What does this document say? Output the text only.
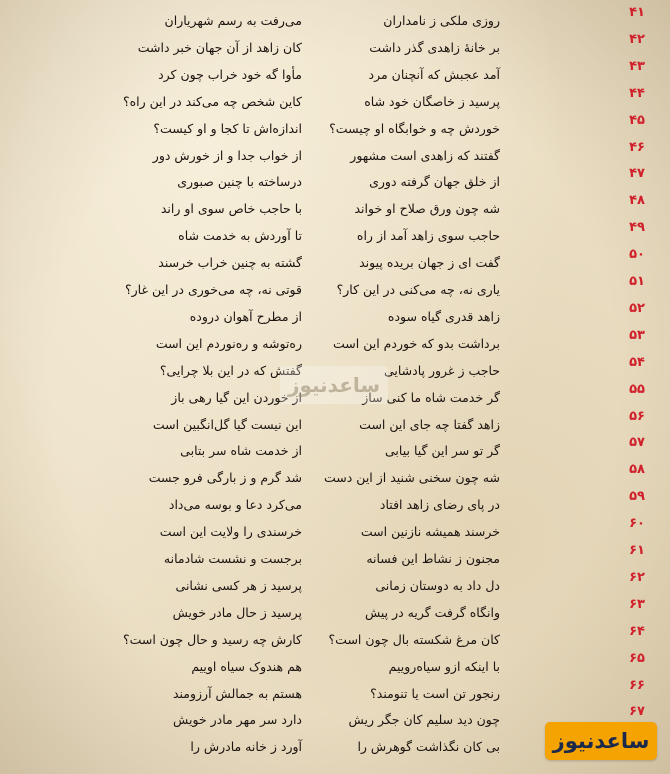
۴۱
روزی ملکی ز نامداران
می‌رفت به رسم شهریاران
۴۲
بر خانهٔ زاهدی گذر داشت
کان زاهد از آن جهان خبر داشت
۴۳
آمد عجبش که آنچنان مرد
مأوا گه خود خراب چون کرد
۴۴
پرسید ز خاصگان خود شاه
کاین شخص چه می‌کند در این راه؟
۴۵
خوردش چه و خوابگاه او چیست؟
اندازه‌اش تا کجا و او کیست؟
۴۶
گفتند که زاهدی است مشهور
از خواب جدا و از خورش دور
۴۷
از خلق جهان گرفته دوری
درساخته با چنین صبوری
۴۸
شه چون ورق صلاح او خواند
با حاجب خاص سوی او راند
۴۹
حاجب سوی زاهد آمد از راه
تا آوردش به خدمت شاه
۵۰
گفت ای ز جهان بریده پیوند
گشته به چنین خراب خرسند
۵۱
یاری نه، چه می‌کنی در این کار؟
قوتی نه، چه می‌خوری در این غار؟
۵۲
زاهد قدری گیاه سوده
از مطرح آهوان دروده
۵۳
برداشت بدو که خوردم این است
رە‌توشه و رەنوردم این است
۵۴
حاجب ز غرور پادشایی
گفتش که در این بلا چرایی؟
۵۵
گر خدمت شاه ما کنی ساز
از خوردن این گیا رهی باز
۵۶
زاهد گفتا چه جای این است
این نیست گیا گل‌انگبین است
۵۷
گر تو سر این گیا بیابی
از خدمت شاه سر بتابی
۵۸
شه چون سخنی شنید از این دست
شد گرم و ز بارگی فرو جست
۵۹
در پای رضای زاهد افتاد
می‌کرد دعا و بوسه می‌داد
۶۰
خرسند همیشه نازنین است
خرسندی را ولایت این است
۶۱
مجنون ز نشاط این فسانه
برجست و نشست شادمانه
۶۲
دل داد به دوستان زمانی
پرسید ز هر کسی نشانی
۶۳
وانگاه گرفت گریه در پیش
پرسید ز حال مادر خویش
۶۴
کان مرغ شکسته بال چون است؟
کارش چه رسید و حال چون است؟
۶۵
با اینکه ازو سیاه‌روییم
هم هندوک سیاه اوییم
۶۶
رنجور تن است یا تنومند؟
هستم به جمالش آرزومند
۶۷
چون دید سلیم کان جگر ریش
دارد سر مهر مادر خویش
بی کان نگذاشت گوهرش را
آورد ز خانه مادرش را
ساعدنیوز
ساعدنیوز
